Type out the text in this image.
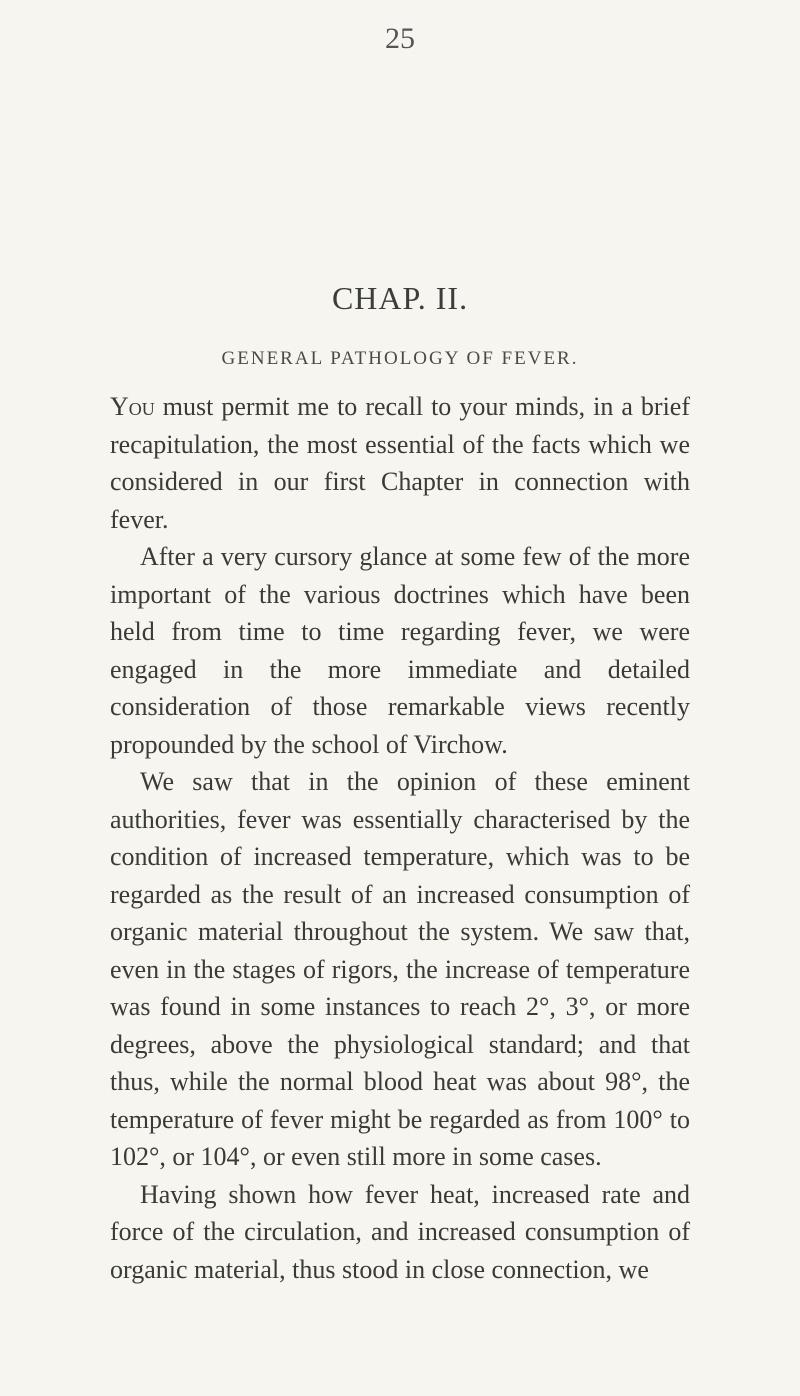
25
CHAP. II.
GENERAL PATHOLOGY OF FEVER.

You must permit me to recall to your minds, in a brief recapitulation, the most essential of the facts which we considered in our first Chapter in connection with fever.

After a very cursory glance at some few of the more important of the various doctrines which have been held from time to time regarding fever, we were engaged in the more immediate and detailed consideration of those remarkable views recently propounded by the school of Virchow.

We saw that in the opinion of these eminent authorities, fever was essentially characterised by the condition of increased temperature, which was to be regarded as the result of an increased consumption of organic material throughout the system. We saw that, even in the stages of rigors, the increase of temperature was found in some instances to reach 2°, 3°, or more degrees, above the physiological standard; and that thus, while the normal blood heat was about 98°, the temperature of fever might be regarded as from 100° to 102°, or 104°, or even still more in some cases.

Having shown how fever heat, increased rate and force of the circulation, and increased consumption of organic material, thus stood in close connection, we
